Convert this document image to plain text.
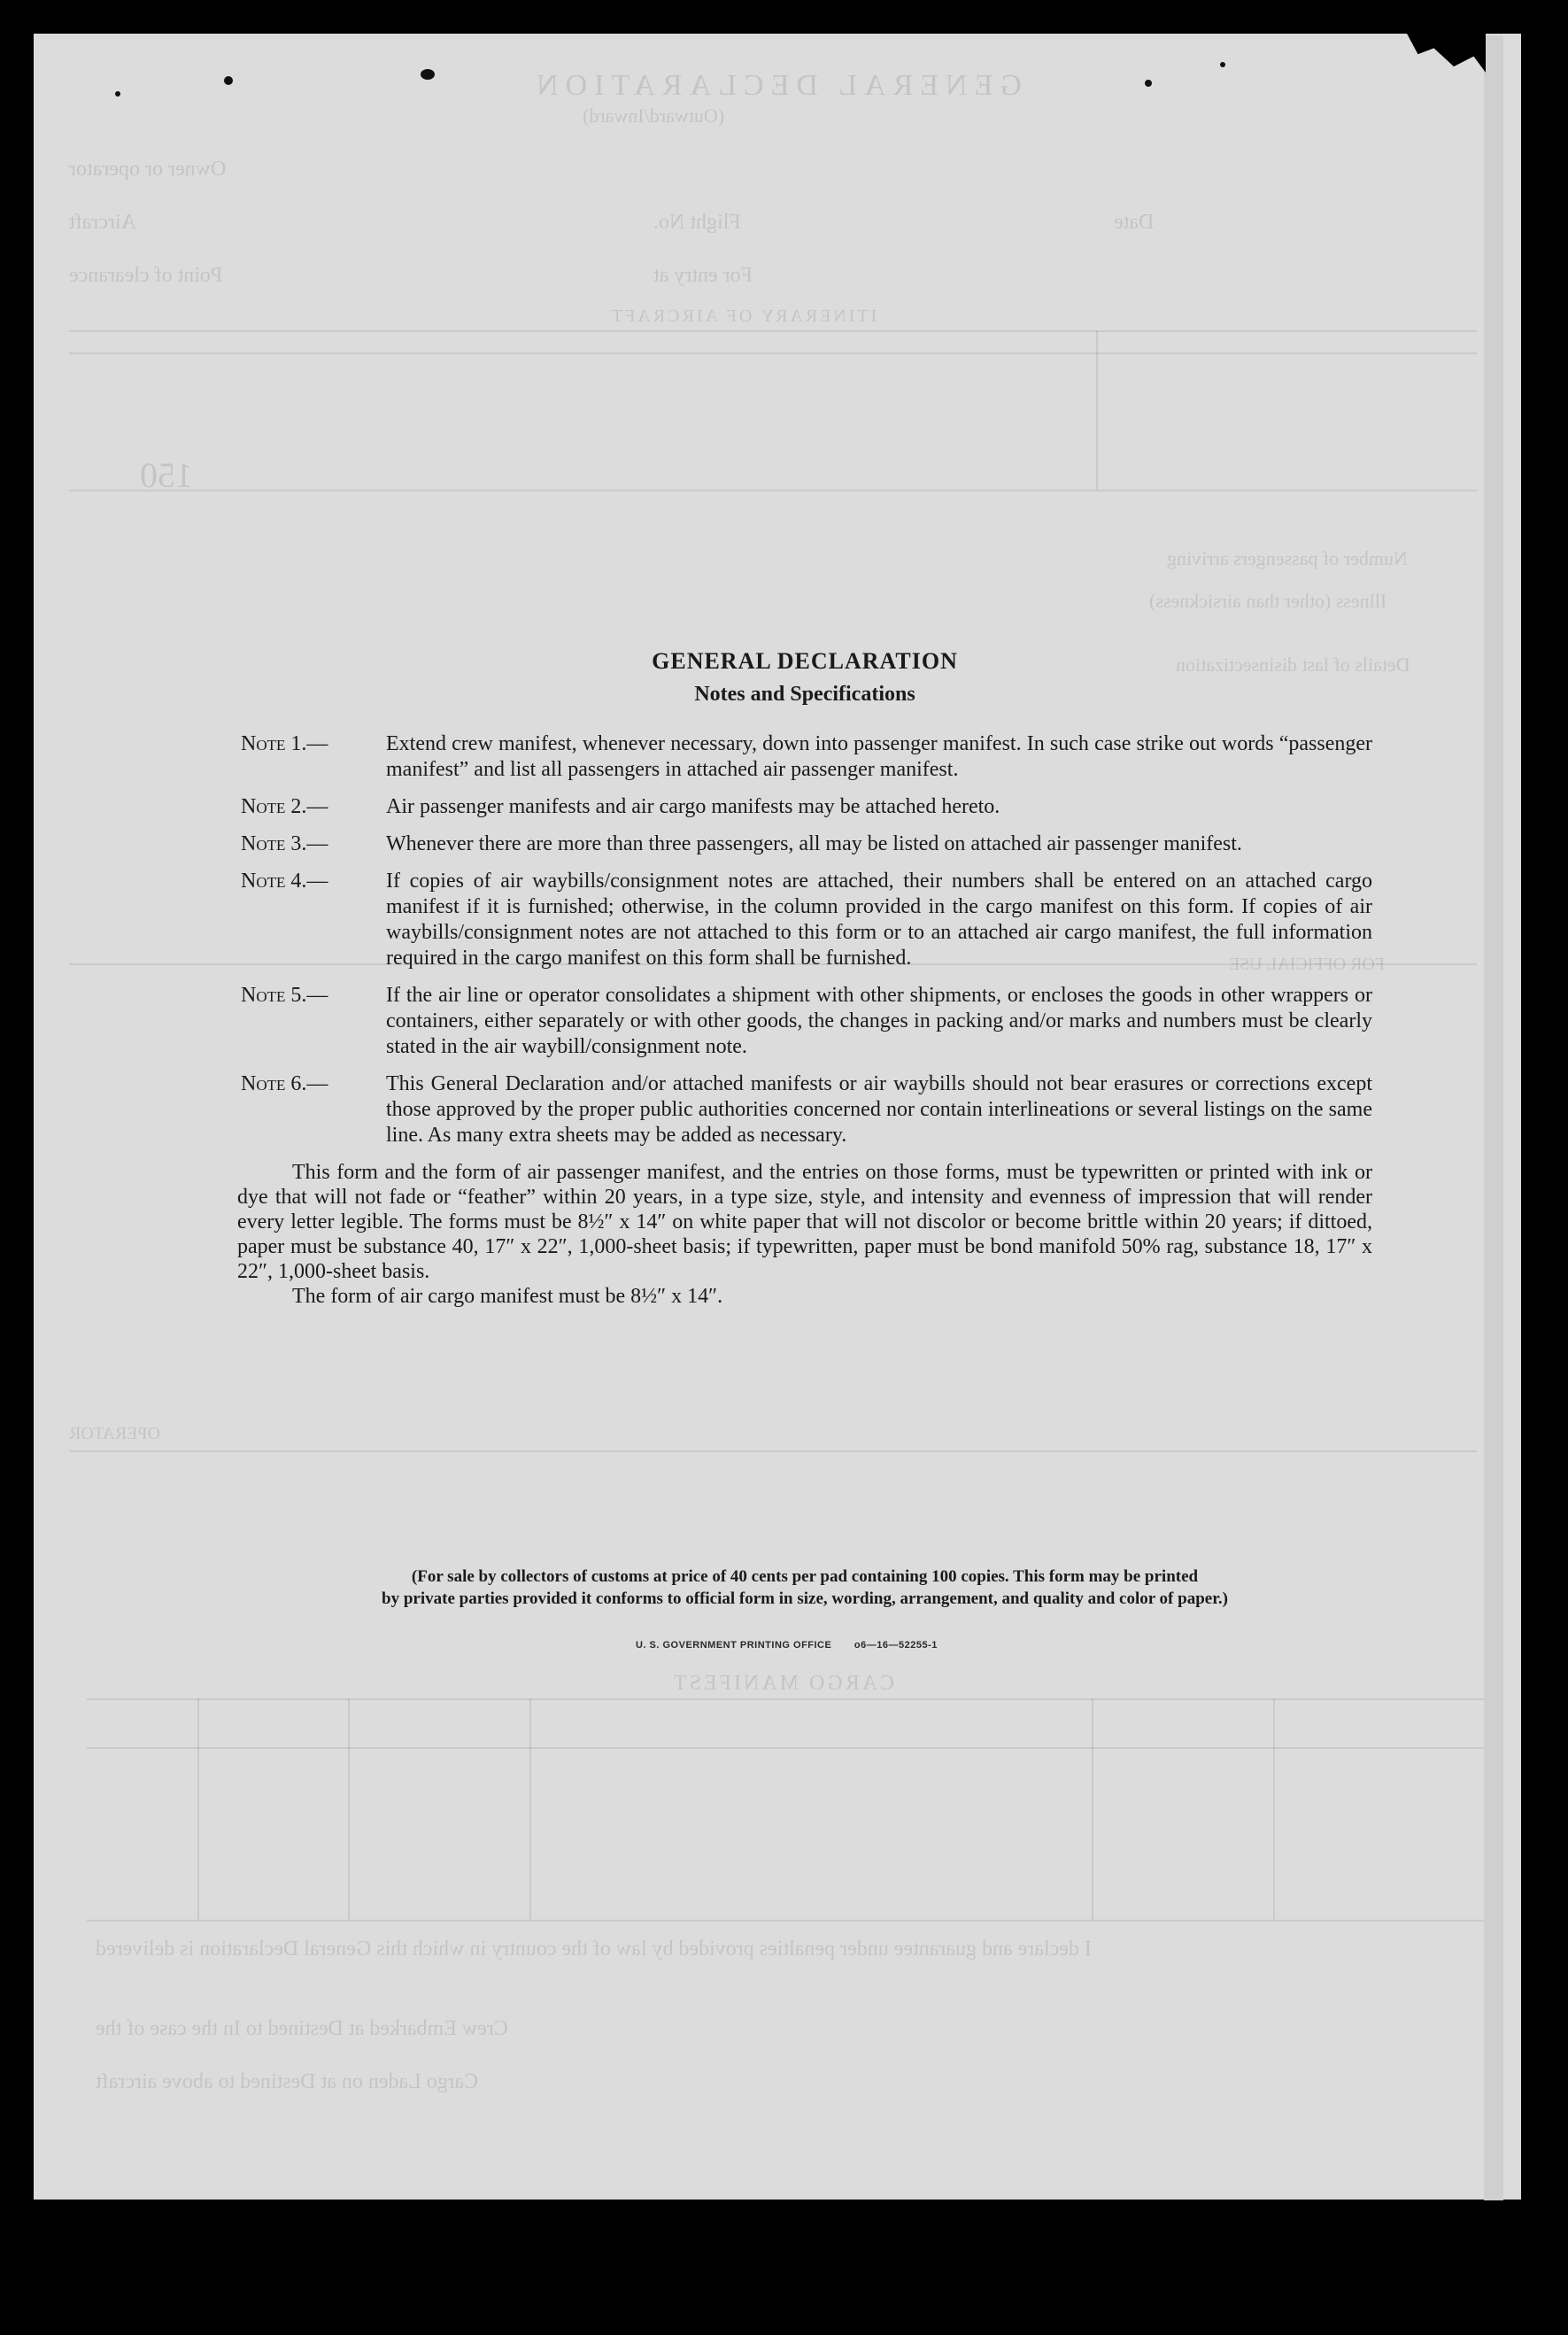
GENERAL DECLARATION
(Outward/Inward)
Owner or operator
Aircraft	Flight No.	Date
Point of clearance	For entry at
ITINERARY OF AIRCRAFT
150
Number of passengers arriving
Illness (other than airsickness)
Details of last disinsectization
FOR OFFICIAL USE
OPERATOR
CARGO MANIFEST
I declare and guarantee under penalties provided by law of the country in which this General Declaration is delivered
Crew Embarked at Destined to In the case of the
Cargo Laden on at Destined to above aircraft
GENERAL DECLARATION
Notes and Specifications
Note 1.—	Extend crew manifest, whenever necessary, down into passenger manifest. In such case strike out words “passenger manifest” and list all passengers in attached air passenger manifest.
Note 2.—	Air passenger manifests and air cargo manifests may be attached hereto.
Note 3.—	Whenever there are more than three passengers, all may be listed on attached air passenger manifest.
Note 4.—	If copies of air waybills/consignment notes are attached, their numbers shall be entered on an attached cargo manifest if it is furnished; otherwise, in the column provided in the cargo manifest on this form. If copies of air waybills/consignment notes are not attached to this form or to an attached air cargo manifest, the full information required in the cargo manifest on this form shall be furnished.
Note 5.—	If the air line or operator consolidates a shipment with other shipments, or encloses the goods in other wrappers or containers, either separately or with other goods, the changes in packing and/or marks and numbers must be clearly stated in the air waybill/consignment note.
Note 6.—	This General Declaration and/or attached manifests or air waybills should not bear erasures or corrections except those approved by the proper public authorities concerned nor contain interlineations or several listings on the same line. As many extra sheets may be added as necessary.

This form and the form of air passenger manifest, and the entries on those forms, must be typewritten or printed with ink or dye that will not fade or “feather” within 20 years, in a type size, style, and intensity and evenness of impression that will render every letter legible. The forms must be 8½″ x 14″ on white paper that will not discolor or become brittle within 20 years; if dittoed, paper must be substance 40, 17″ x 22″, 1,000-sheet basis; if typewritten, paper must be bond manifold 50% rag, substance 18, 17″ x 22″, 1,000-sheet basis.

The form of air cargo manifest must be 8½″ x 14″.

(For sale by collectors of customs at price of 40 cents per pad containing 100 copies. This form may be printed
by private parties provided it conforms to official form in size, wording, arrangement, and quality and color of paper.)
U. S. GOVERNMENT PRINTING OFFICE o6—16—52255-1
